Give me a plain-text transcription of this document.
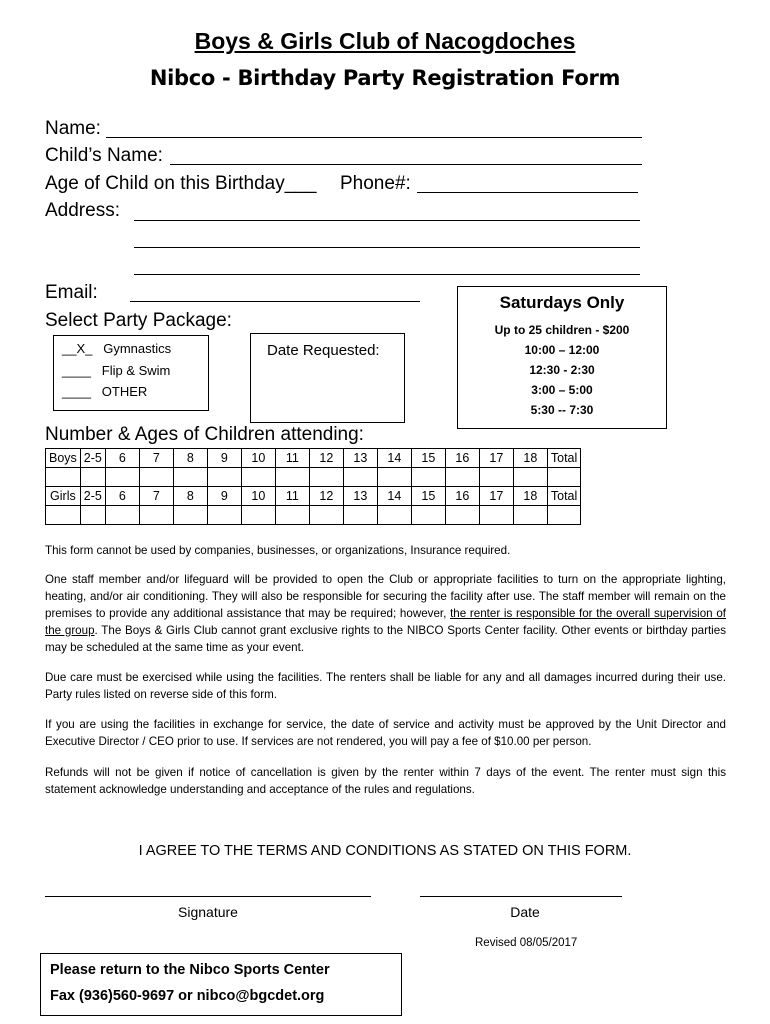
Boys & Girls Club of Nacogdoches
Nibco - Birthday Party Registration Form
Name:
Child’s Name:
Age of Child on this Birthday___ Phone#:
Address:
Email:
Select Party Package:
__X_ Gymnastics
____ Flip & Swim
____ OTHER
Date Requested:
Saturdays Only
Up to 25 children - $200
10:00 – 12:00
12:30 - 2:30
3:00 – 5:00
5:30 -- 7:30
Number & Ages of Children attending:
Boys	2-5	6	7	8	9	10	11	12	13	14	15	16	17	18	Total

Girls	2-5	6	7	8	9	10	11	12	13	14	15	16	17	18	Total

This form cannot be used by companies, businesses, or organizations, Insurance required.
One staff member and/or lifeguard will be provided to open the Club or appropriate facilities to turn on the appropriate lighting, heating, and/or air conditioning. They will also be responsible for securing the facility after use. The staff member will remain on the premises to provide any additional assistance that may be required; however, the renter is responsible for the overall supervision of the group. The Boys & Girls Club cannot grant exclusive rights to the NIBCO Sports Center facility. Other events or birthday parties may be scheduled at the same time as your event.
Due care must be exercised while using the facilities. The renters shall be liable for any and all damages incurred during their use. Party rules listed on reverse side of this form.
If you are using the facilities in exchange for service, the date of service and activity must be approved by the Unit Director and Executive Director / CEO prior to use. If services are not rendered, you will pay a fee of $10.00 per person.
Refunds will not be given if notice of cancellation is given by the renter within 7 days of the event. The renter must sign this statement acknowledge understanding and acceptance of the rules and regulations.
I AGREE TO THE TERMS AND CONDITIONS AS STATED ON THIS FORM.
Signature	Date
Revised 08/05/2017
Please return to the Nibco Sports Center
Fax (936)560-9697 or nibco@bgcdet.org
